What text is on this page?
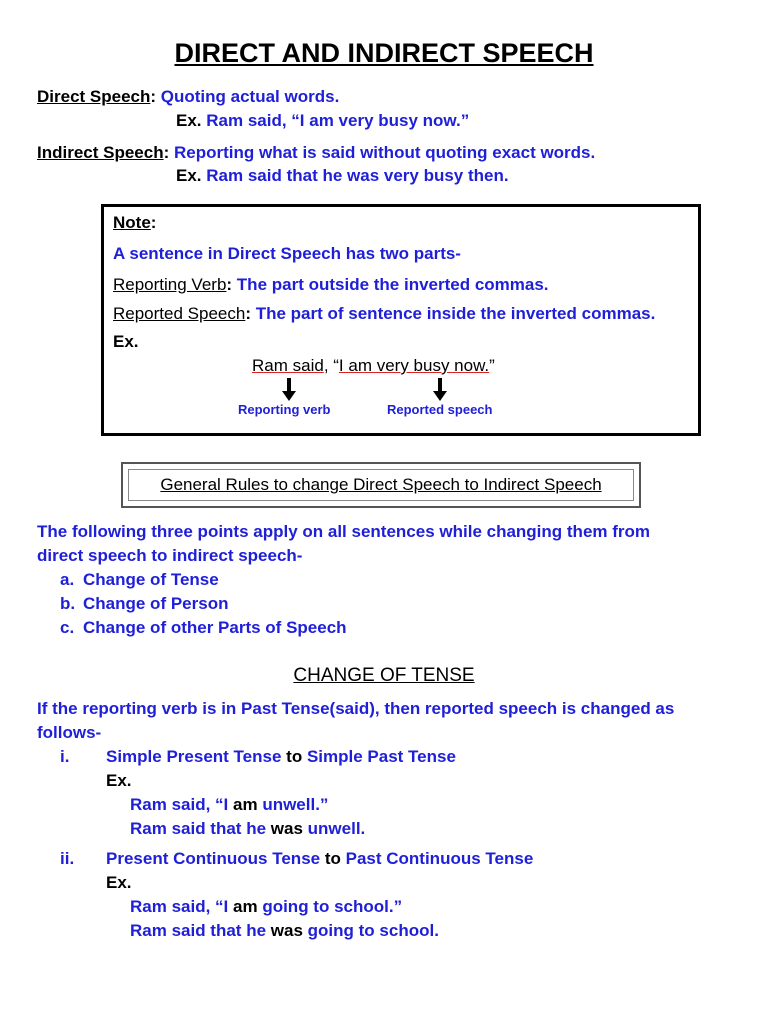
DIRECT AND INDIRECT SPEECH
Direct Speech: Quoting actual words.
Ex. Ram said, “I am very busy now.”
Indirect Speech: Reporting what is said without quoting exact words.
Ex. Ram said that he was very busy then.
Note:
A sentence in Direct Speech has two parts-
Reporting Verb: The part outside the inverted commas.
Reported Speech: The part of sentence inside the inverted commas.
Ex.
Ram said, “I am very busy now.”
Reporting verb	Reported speech
General Rules to change Direct Speech to Indirect Speech
The following three points apply on all sentences while changing them from
direct speech to indirect speech-
a. Change of Tense
b. Change of Person
c. Change of other Parts of Speech
CHANGE OF TENSE
If the reporting verb is in Past Tense(said), then reported speech is changed as
follows-
i. Simple Present Tense to Simple Past Tense
Ex.
Ram said, “I am unwell.”
Ram said that he was unwell.
ii. Present Continuous Tense to Past Continuous Tense
Ex.
Ram said, “I am going to school.”
Ram said that he was going to school.
